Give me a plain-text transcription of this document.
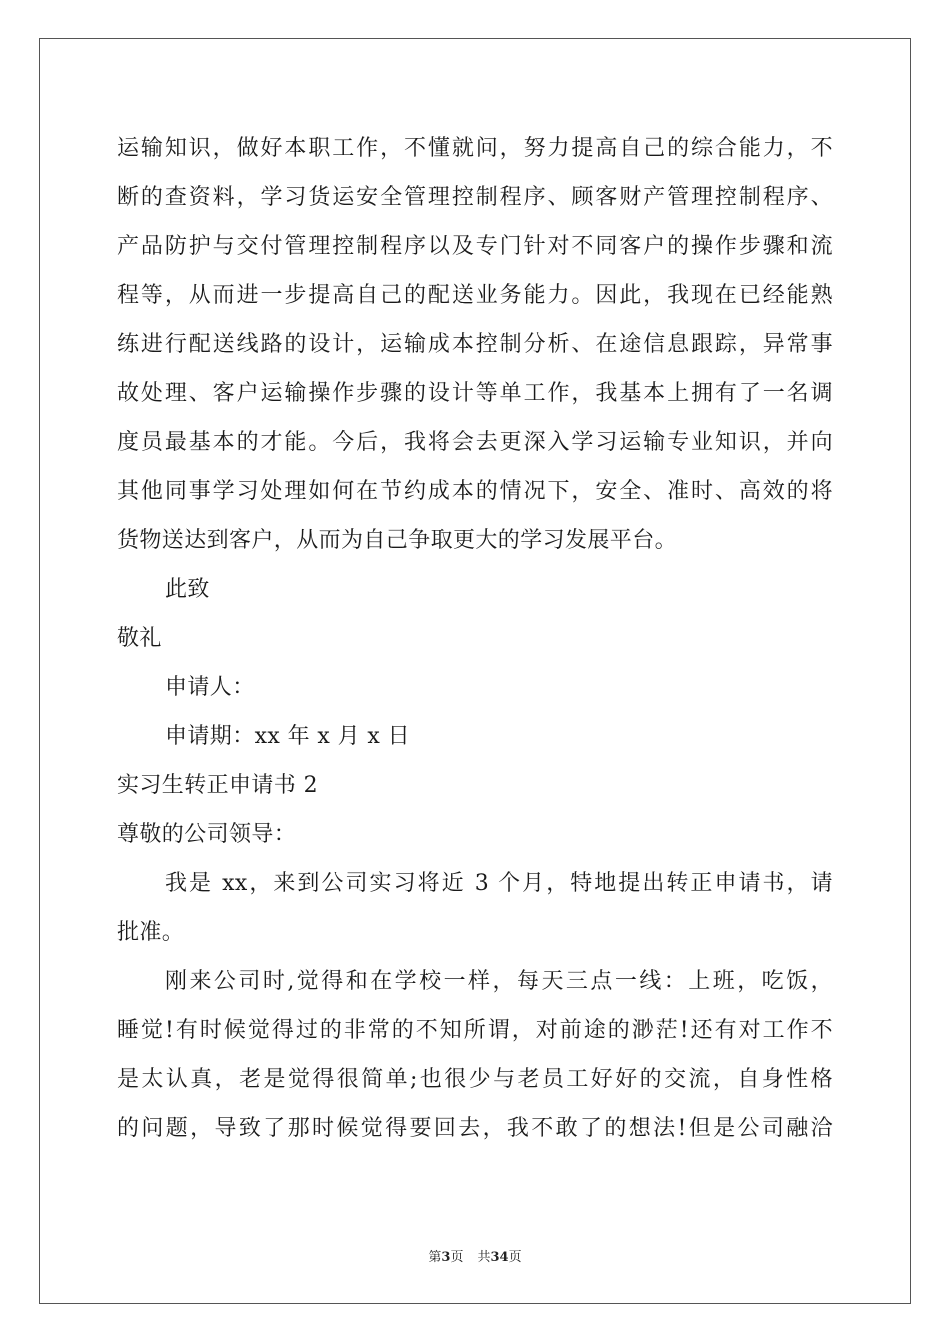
运输知识，做好本职工作，不懂就问，努力提高自己的综合能力，不
断的查资料，学习货运安全管理控制程序、顾客财产管理控制程序、
产品防护与交付管理控制程序以及专门针对不同客户的操作步骤和流
程等，从而进一步提高自己的配送业务能力。因此，我现在已经能熟
练进行配送线路的设计，运输成本控制分析、在途信息跟踪，异常事
故处理、客户运输操作步骤的设计等单工作，我基本上拥有了一名调
度员最基本的才能。今后，我将会去更深入学习运输专业知识，并向
其他同事学习处理如何在节约成本的情况下，安全、准时、高效的将
货物送达到客户，从而为自己争取更大的学习发展平台。
此致
敬礼
申请人：
申请期：xx 年 x 月 x 日
实习生转正申请书 2
尊敬的公司领导：
我是 xx，来到公司实习将近 3 个月，特地提出转正申请书，请
批准。
刚来公司时,觉得和在学校一样，每天三点一线：上班，吃饭，
睡觉!有时候觉得过的非常的不知所谓，对前途的渺茫!还有对工作不
是太认真，老是觉得很简单;也很少与老员工好好的交流，自身性格
的问题，导致了那时候觉得要回去，我不敢了的想法!但是公司融洽
第3页 共34页
